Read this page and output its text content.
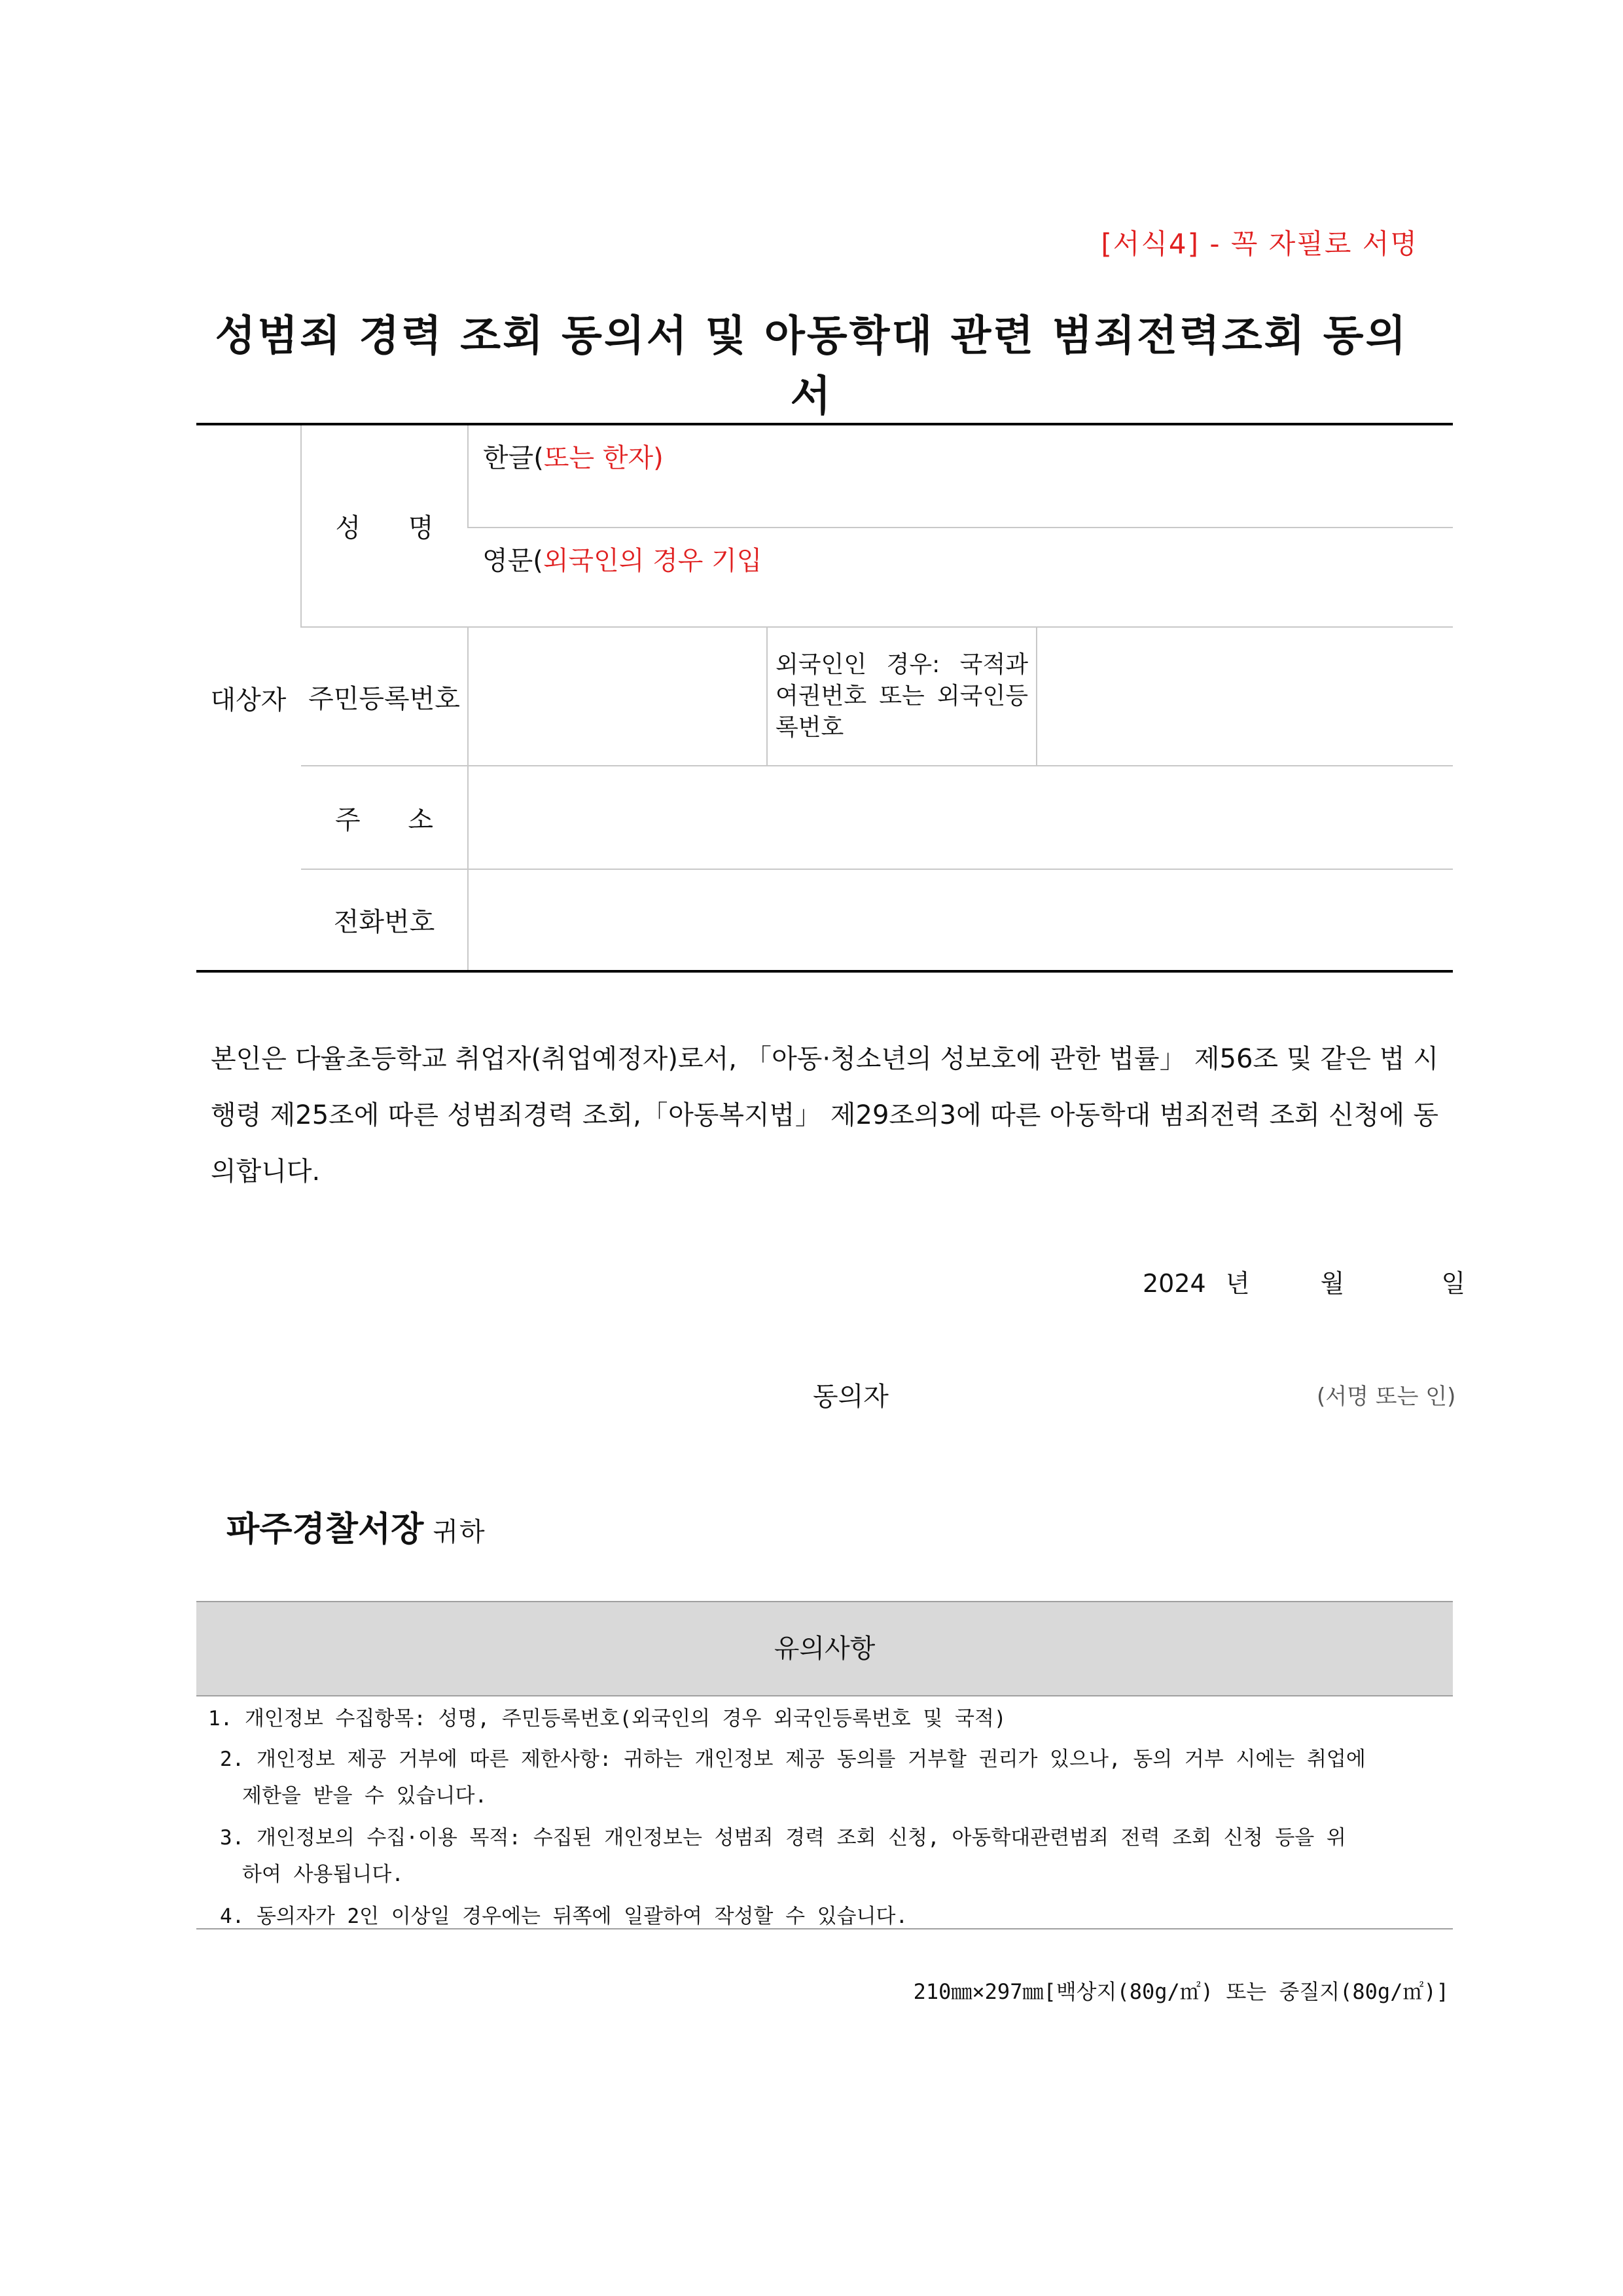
[서식4] - 꼭 자필로 서명
성범죄 경력 조회 동의서 및 아동학대 관련 범죄전력조회 동의서
대상자	성 명	한글(또는 한자)		
		영문(외국인의 경우 기입		
	주민등록번호		외국인인 경우: 국적과 여권번호 또는 외국인등록번호	
	주 소			
	전화번호			

본인은 다율초등학교 취업자(취업예정자)로서, 「아동·청소년의 성보호에 관한 법률」 제56조 및 같은 법 시행령 제25조에 따른 성범죄경력 조회,「아동복지법」 제29조의3에 따른 아동학대 범죄전력 조회 신청에 동의합니다.

2024 년	월	일
동의자	(서명 또는 인)
파주경찰서장 귀하
유의사항
1. 개인정보 수집항목: 성명, 주민등록번호(외국인의 경우 외국인등록번호 및 국적)
2. 개인정보 제공 거부에 따른 제한사항: 귀하는 개인정보 제공 동의를 거부할 권리가 있으나, 동의 거부 시에는 취업에
제한을 받을 수 있습니다.
3. 개인정보의 수집·이용 목적: 수집된 개인정보는 성범죄 경력 조회 신청, 아동학대관련범죄 전력 조회 신청 등을 위
하여 사용됩니다.
4. 동의자가 2인 이상일 경우에는 뒤쪽에 일괄하여 작성할 수 있습니다.
210㎜×297㎜[백상지(80g/㎡) 또는 중질지(80g/㎡)]
